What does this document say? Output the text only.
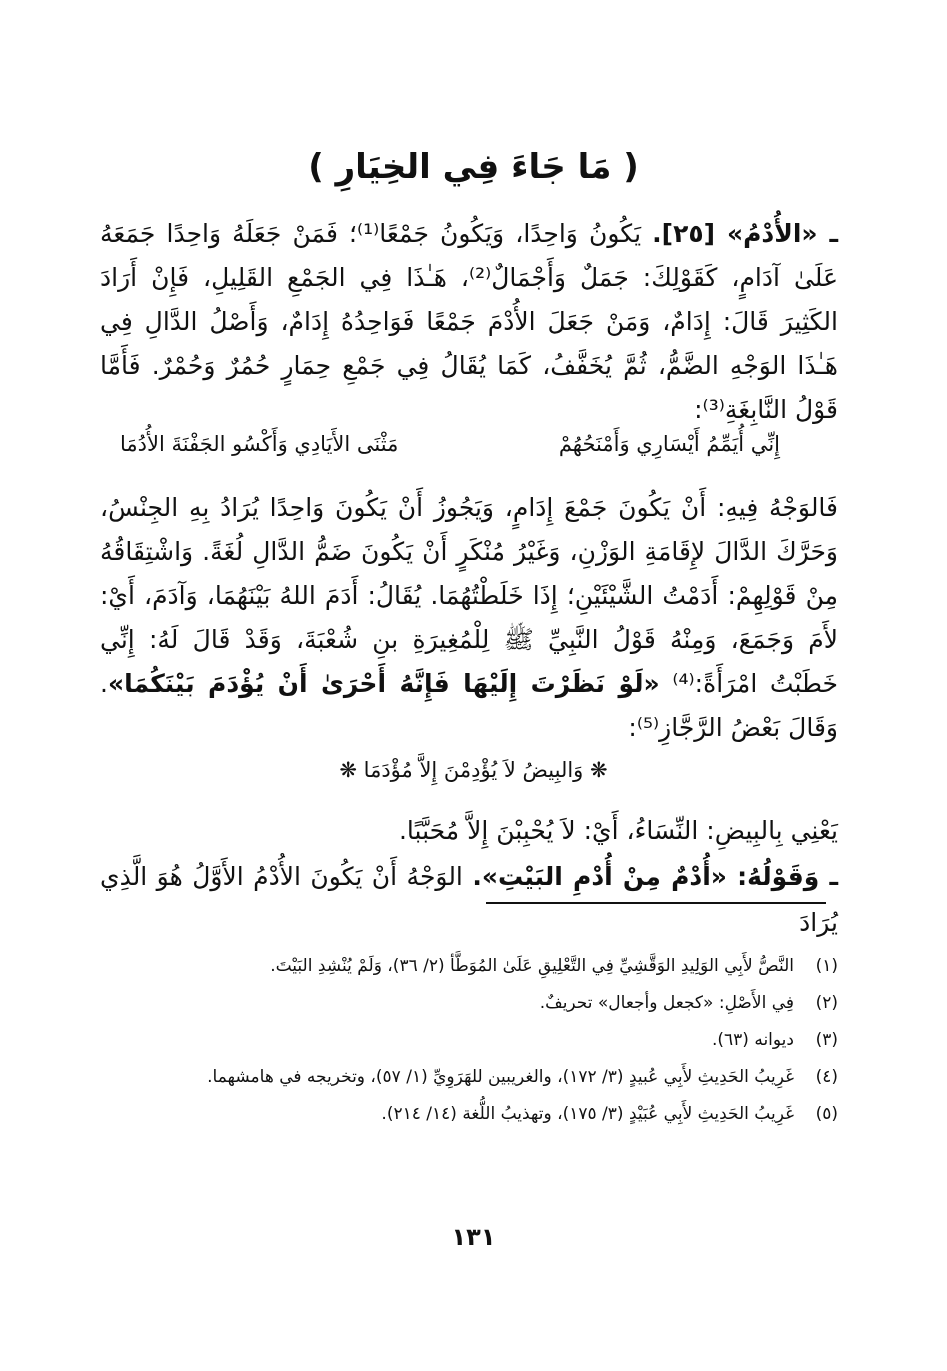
( مَا جَاءَ فِي الخِيَارِ )

ـ «الأُدْمُ» [٢٥]. يَكُونُ وَاحِدًا، وَيَكُونُ جَمْعًا⁽¹⁾؛ فَمَنْ جَعَلَهُ وَاحِدًا جَمَعَهُ عَلَىٰ آدَامٍ، كَقَوْلِكَ: جَمَلٌ وَأَجْمَالٌ⁽²⁾، هَـٰذَا فِي الجَمْعِ القَلِيلِ، فَإِنْ أَرَادَ الكَثِيرَ قَالَ: إِدَامٌ، وَمَنْ جَعَلَ الأُدْمَ جَمْعًا فَوَاحِدُهُ إِدَامٌ، وَأَصْلُ الدَّالِ فِي هَـٰذَا الوَجْهِ الضَّمُّ، ثُمَّ يُخَفَّفُ، كَمَا يُقَالُ فِي جَمْعِ حِمَارٍ حُمُرٌ وَحُمْرٌ. فَأَمَّا قَوْلُ النَّابِغَةِ⁽³⁾:

إِنِّي أُيَمِّمُ أَيْسَارِي وَأَمْنَحُهُمْ
مَثْنَى الأَيَادِي وَأَكْسُو الجَفْنَةَ الأُدُمَا

فَالوَجْهُ فِيهِ: أَنْ يَكُونَ جَمْعَ إِدَامٍ، وَيَجُوزُ أَنْ يَكُونَ وَاحِدًا يُرَادُ بِهِ الجِنْسُ، وَحَرَّكَ الدَّالَ لإِقَامَةِ الوَزْنِ، وَغَيْرُ مُنْكَرٍ أَنْ يَكُونَ ضَمُّ الدَّالِ لُغَةً. وَاشْتِقَاقُهُ مِنْ قَوْلِهِمْ: أَدَمْتُ الشَّيْئَيْنِ؛ إِذَا خَلَطْتُهُمَا. يُقَالُ: أَدَمَ اللهُ بَيْنَهُمَا، وَآدَمَ، أَيْ: لأَمَ وَجَمَعَ، وَمِنْهُ قَوْلُ النَّبِيِّ ﷺ لِلْمُغِيرَةِ بنِ شُعْبَةَ، وَقَدْ قَالَ لَهُ: إِنِّي خَطَبْتُ امْرَأَةً:⁽⁴⁾ «لَوْ نَظَرْتَ إِلَيْهَا فَإِنَّهُ أَحْرَىٰ أَنْ يُؤْدَمَ بَيْنَكُمَا». وَقَالَ بَعْضُ الرَّجَّازِ⁽⁵⁾:

❋ وَالبِيضُ لاَ يُؤْدِمْنَ إِلاَّ مُؤْدَمَا ❋

يَعْنِي بِالبِيضِ: النِّسَاءُ، أَيْ: لاَ يُحْبِبْنَ إِلاَّ مُحَبَّبًا.

ـ وَقَوْلُهُ: «أُدْمٌ مِنْ أُدْمِ البَيْتِ». الوَجْهُ أَنْ يَكُونَ الأُدْمُ الأَوَّلُ هُوَ الَّذِي يُرَادَ

(١)
النَّصُّ لأَبِي الوَلِيدِ الوَقَّشِيِّ فِي التَّعْلِيقِ عَلَىٰ المُوَطَّأ (٢/ ٣٦)، وَلَمْ يُنْشِدِ البَيْتَ.
(٢)
فِي الأَصْلِ: «كجعل وأجعال» تحريفٌ.
(٣)
ديوانه (٦٣).
(٤)
غَرِيبُ الحَدِيثِ لأَبِي عُبيدٍ (٣/ ١٧٢)، والغريبين للهَرَوِيِّ (١/ ٥٧)، وتخريجه في هامشهما.
(٥)
غَرِيبُ الحَدِيثِ لأَبِي عُبَيْدٍ (٣/ ١٧٥)، وتهذيبُ اللُّغة (١٤/ ٢١٤).
١٣١
